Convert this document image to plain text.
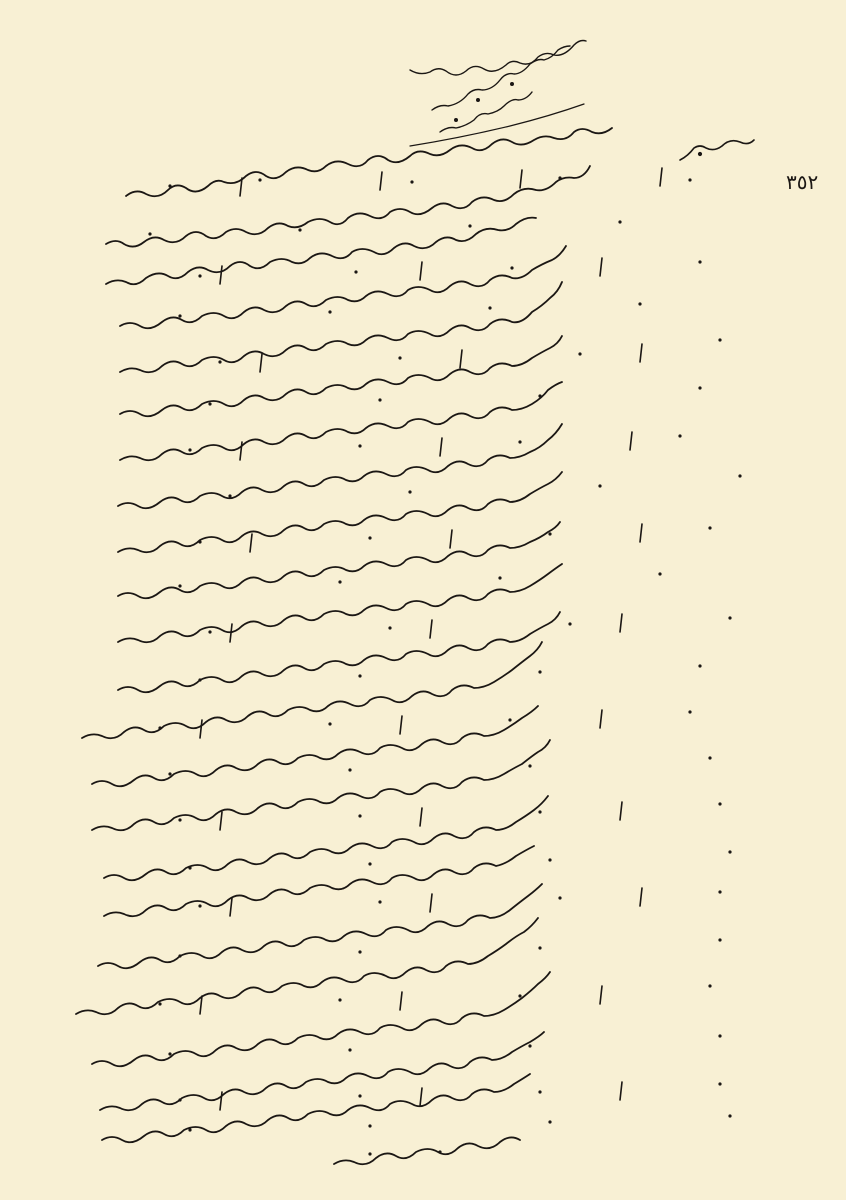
٣٥٢
